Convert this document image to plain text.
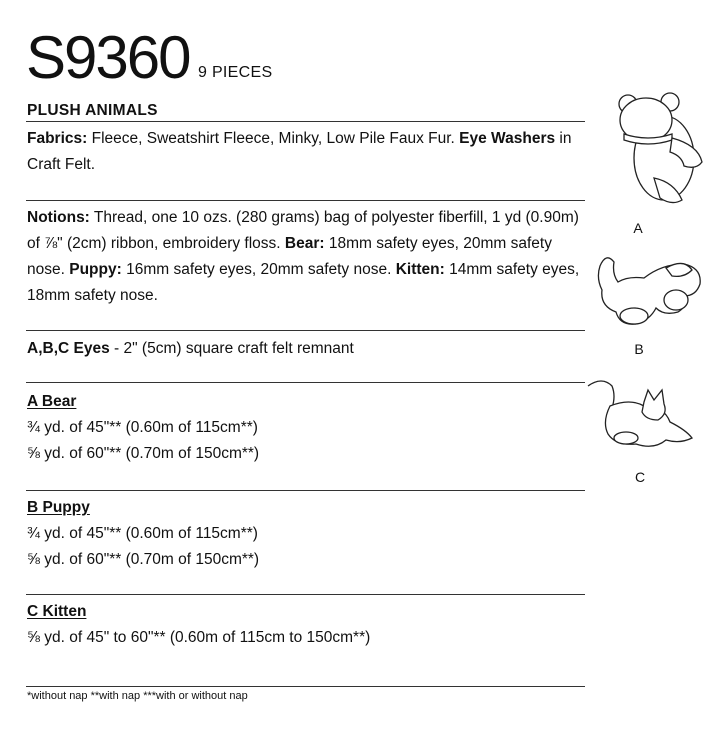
S9360 9 PIECES
PLUSH ANIMALS
Fabrics: Fleece, Sweatshirt Fleece, Minky, Low Pile Faux Fur. Eye Washers in Craft Felt.
Notions: Thread, one 10 ozs. (280 grams) bag of polyester fiberfill, 1 yd (0.90m) of ⅞" (2cm) ribbon, embroidery floss. Bear: 18mm safety eyes, 20mm safety nose. Puppy: 16mm safety eyes, 20mm safety nose. Kitten: 14mm safety eyes, 18mm safety nose.
A,B,C Eyes - 2" (5cm) square craft felt remnant
A Bear
¾ yd. of 45"** (0.60m of 115cm**)
⅝ yd. of 60"** (0.70m of 150cm**)
B Puppy
¾ yd. of 45"** (0.60m of 115cm**)
⅝ yd. of 60"** (0.70m of 150cm**)
C Kitten
⅝ yd. of 45" to 60"** (0.60m of 115cm to 150cm**)
*without nap **with nap ***with or without nap
A
B
C
